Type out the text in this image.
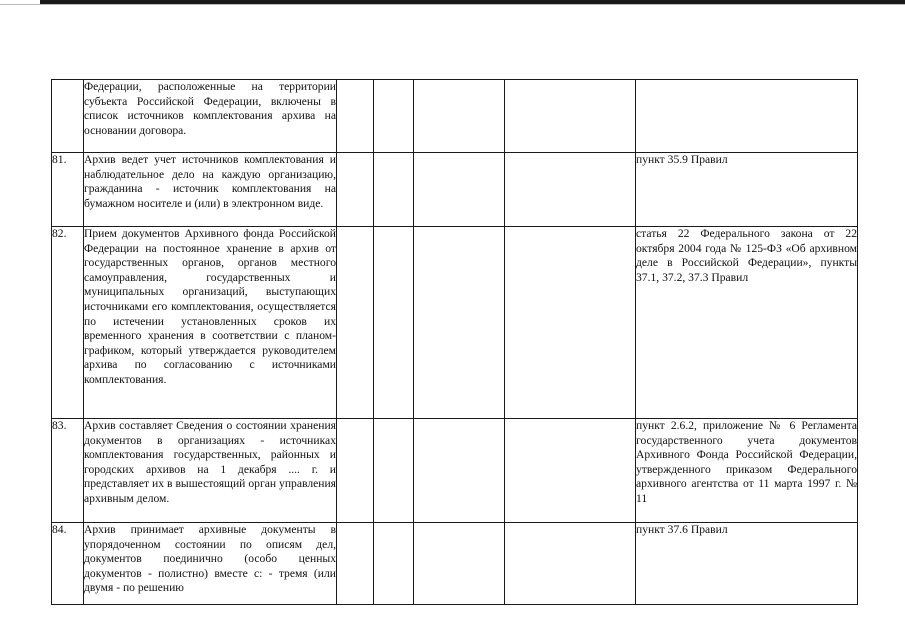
	Федерации, расположенные на территории субъекта Российской Федерации, включены в список источников комплектования архива на основании договора.					
81.	Архив ведет учет источников комплектования и наблюдательное дело на каждую организацию, гражданина - источник комплектования на бумажном носителе и (или) в электронном виде.					пункт 35.9 Правил
82.	Прием документов Архивного фонда Российской Федерации на постоянное хранение в архив от государственных органов, органов местного самоуправления, государственных и муниципальных организаций, выступающих источниками его комплектования, осуществляется по истечении установленных сроков их временного хранения в соответствии с планом-графиком, который утверждается руководителем архива по согласованию с источниками комплектования.					статья 22 Федерального закона от 22 октября 2004 года № 125-ФЗ «Об архивном деле в Российской Федерации», пункты 37.1, 37.2, 37.3 Правил
83.	Архив составляет Сведения о состоянии хранения документов в организациях - источниках комплектования государственных, районных и городских архивов на 1 декабря .... г. и представляет их в вышестоящий орган управления архивным делом.					пункт 2.6.2, приложение № 6 Регламента государственного учета документов Архивного Фонда Российской Федерации, утвержденного приказом Федерального архивного агентства от 11 марта 1997 г. № 11
84.	Архив принимает архивные документы в упорядоченном состоянии по описям дел, документов поединично (особо ценных документов - полистно) вместе с: - тремя (или двумя - по решению					пункт 37.6 Правил
